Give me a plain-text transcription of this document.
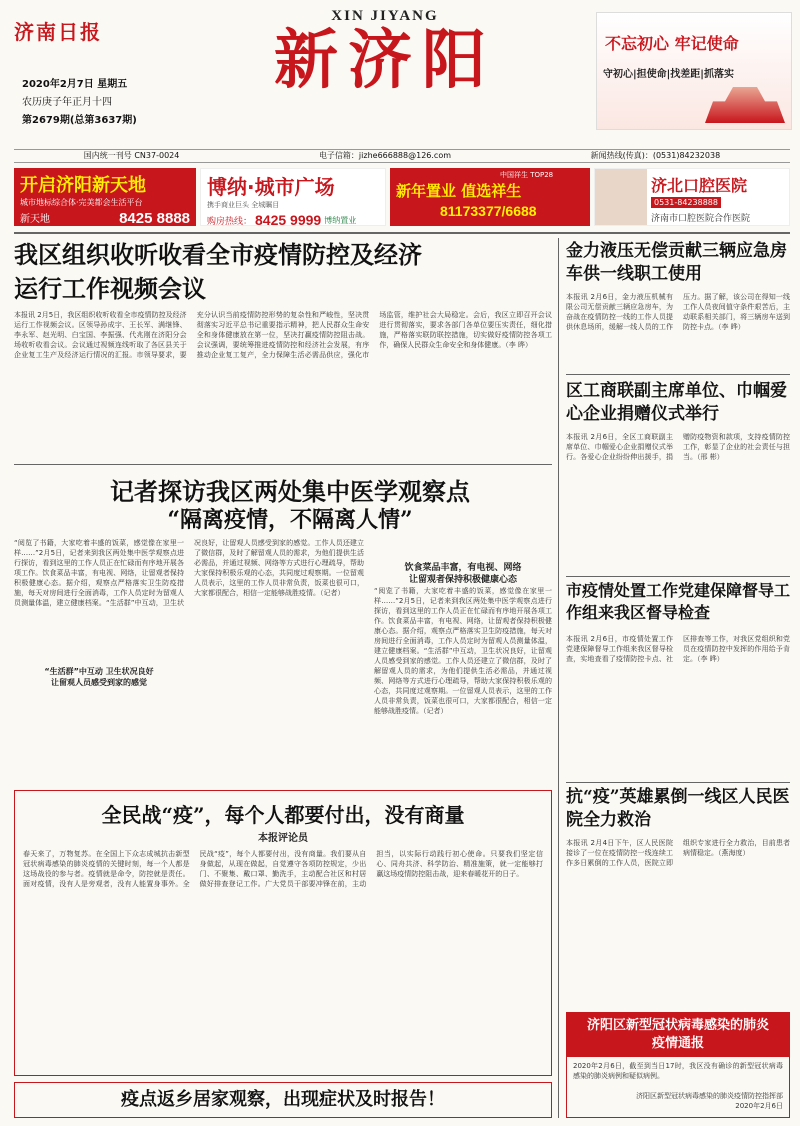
济南日报
XIN JIYANG
新济阳
2020年2月7日 星期五
农历庚子年正月十四
第2679期(总第3637期)
不忘初心 牢记使命
守初心|担使命|找差距|抓落实
国内统一刊号 CN37-0024	电子信箱：jizhe666888@126.com	新闻热线(传真)：(0531)84232038
开启济阳新天地
城市地标综合体·完美都会生活平台
新天地	8425 8888
博纳·城市广场
携手商业巨头 全城瞩目
购房热线： 8425 9999 博纳置业
中国祥生 TOP28
新年置业 值选祥生
81173377/6688
济北口腔医院
0531-84238888
济南市口腔医院合作医院
我区组织收听收看全市疫情防控及经济运行工作视频会议
本报讯 2月5日，我区组织收听收看全市疫情防控及经济运行工作视频会议。区领导孙成宇、王长军、满继锋、李永军、赵光明、白宝国、李振强、代兆刚在济阳分会场收听收看会议。会议通过视频连线听取了各区县关于企业复工生产及经济运行情况的汇报。市领导要求，要充分认识当前疫情防控形势的复杂性和严峻性，坚决贯彻落实习近平总书记重要指示精神，把人民群众生命安全和身体健康放在第一位，坚决打赢疫情防控阻击战。会议强调，要统筹推进疫情防控和经济社会发展，有序推动企业复工复产，全力保障生活必需品供应，强化市场监管，维护社会大局稳定。会后，我区立即召开会议进行贯彻落实，要求各部门各单位要压实责任，细化措施，严格落实联防联控措施，切实做好疫情防控各项工作，确保人民群众生命安全和身体健康。（李 晔）
记者探访我区两处集中医学观察点
“隔离疫情，不隔离人情”
“阅览了书籍，大家吃着丰盛的饭菜，感觉像在家里一样……”2月5日，记者来到我区两处集中医学观察点进行探访，看到这里的工作人员正在忙碌而有序地开展各项工作。饮食菜品丰富，有电视、网络，让留观者保持积极健康心态。据介绍，观察点严格落实卫生防疫措施，每天对房间进行全面消毒，工作人员定时为留观人员测量体温，建立健康档案。“生活群”中互动，卫生状况良好，让留观人员感受到家的感觉。工作人员还建立了微信群，及时了解留观人员的需求，为他们提供生活必需品，并通过视频、网络等方式进行心理疏导，帮助大家保持积极乐观的心态，共同度过观察期。一位留观人员表示，这里的工作人员非常负责，饭菜也很可口，大家都很配合，相信一定能够战胜疫情。（记者）
饮食菜品丰富，有电视、网络
让留观者保持积极健康心态
“阅览了书籍，大家吃着丰盛的饭菜，感觉像在家里一样……”2月5日，记者来到我区两处集中医学观察点进行探访，看到这里的工作人员正在忙碌而有序地开展各项工作。饮食菜品丰富，有电视、网络，让留观者保持积极健康心态。据介绍，观察点严格落实卫生防疫措施，每天对房间进行全面消毒，工作人员定时为留观人员测量体温，建立健康档案。“生活群”中互动，卫生状况良好，让留观人员感受到家的感觉。工作人员还建立了微信群，及时了解留观人员的需求，为他们提供生活必需品，并通过视频、网络等方式进行心理疏导，帮助大家保持积极乐观的心态，共同度过观察期。一位留观人员表示，这里的工作人员非常负责，饭菜也很可口，大家都很配合，相信一定能够战胜疫情。（记者）
“生活群”中互动 卫生状况良好
让留观人员感受到家的感觉
全民战“疫”，每个人都要付出，没有商量
本报评论员
春天来了，万物复苏。在全国上下众志成城抗击新型冠状病毒感染的肺炎疫情的关键时刻，每一个人都是这场战役的参与者。疫情就是命令，防控就是责任。面对疫情，没有人是旁观者，没有人能置身事外。全民战“疫”，每个人都要付出，没有商量。我们要从自身做起，从现在做起，自觉遵守各项防控规定，少出门、不聚集、戴口罩、勤洗手，主动配合社区和村居做好排查登记工作。广大党员干部要冲锋在前，主动担当，以实际行动践行初心使命。只要我们坚定信心、同舟共济、科学防治、精准施策，就一定能够打赢这场疫情防控阻击战，迎来春暖花开的日子。
疫点返乡居家观察，出现症状及时报告！
金力液压无偿贡献三辆应急房车供一线职工使用
本报讯 2月6日，金力液压机械有限公司无偿贡献三辆应急房车，为奋战在疫情防控一线的工作人员提供休息场所，缓解一线人员的工作压力。据了解，该公司在得知一线工作人员夜间值守条件艰苦后，主动联系相关部门，将三辆房车送到防控卡点。（李 晔）
区工商联副主席单位、巾帼爱心企业捐赠仪式举行
本报讯 2月6日，全区工商联副主席单位、巾帼爱心企业捐赠仪式举行。各爱心企业纷纷伸出援手，捐赠防疫物资和款项，支持疫情防控工作，彰显了企业的社会责任与担当。（邢 彬）
市疫情处置工作党建保障督导工作组来我区督导检查
本报讯 2月6日，市疫情处置工作党建保障督导工作组来我区督导检查，实地查看了疫情防控卡点、社区排查等工作，对我区党组织和党员在疫情防控中发挥的作用给予肯定。（李 晔）
抗“疫”英雄累倒一线区人民医院全力救治
本报讯 2月4日下午，区人民医院接诊了一位在疫情防控一线连续工作多日累倒的工作人员，医院立即组织专家进行全力救治，目前患者病情稳定。（燕海度）
济阳区新型冠状病毒感染的肺炎疫情通报
2020年2月6日，截至到当日17时，我区没有确诊的新型冠状病毒感染的肺炎病例和疑似病例。
济阳区新型冠状病毒感染的肺炎疫情防控指挥部
2020年2月6日
